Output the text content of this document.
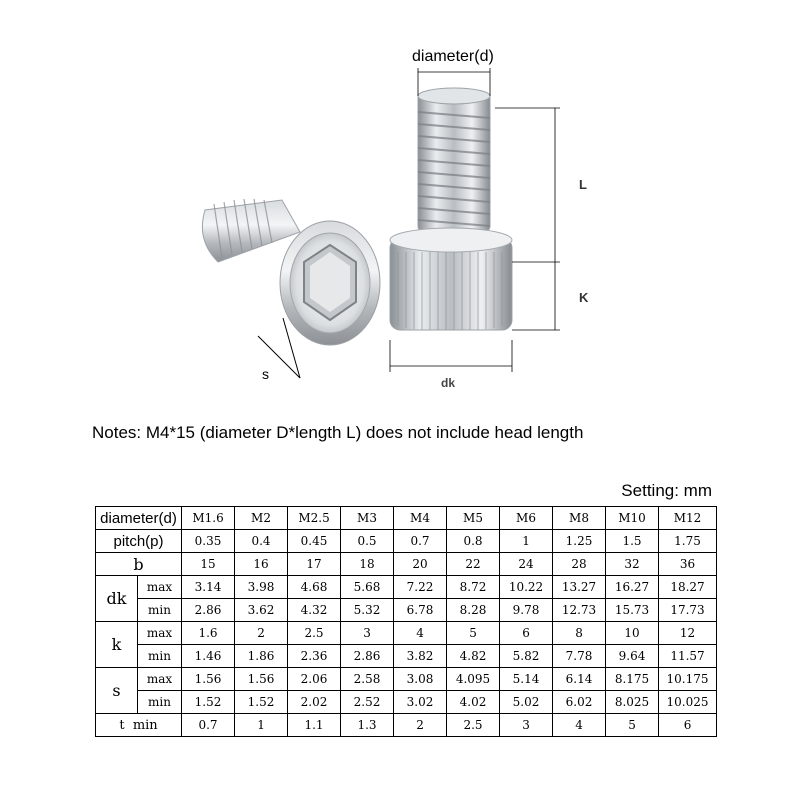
diameter(d)
L
K
dk
s
Notes: M4*15 (diameter D*length L) does not include head length
Setting: mm
diameter(d)		M1.6	M2	M2.5	M3	M4	M5	M6	M8	M10	M12
pitch(p)		0.35	0.4	0.45	0.5	0.7	0.8	1	1.25	1.5	1.75
b		15	16	17	18	20	22	24	28	32	36
dk	max	3.14	3.98	4.68	5.68	7.22	8.72	10.22	13.27	16.27	18.27
	min	2.86	3.62	4.32	5.32	6.78	8.28	9.78	12.73	15.73	17.73
k	max	1.6	2	2.5	3	4	5	6	8	10	12
	min	1.46	1.86	2.36	2.86	3.82	4.82	5.82	7.78	9.64	11.57
s	max	1.56	1.56	2.06	2.58	3.08	4.095	5.14	6.14	8.175	10.175
	min	1.52	1.52	2.02	2.52	3.02	4.02	5.02	6.02	8.025	10.025
t  min		0.7	1	1.1	1.3	2	2.5	3	4	5	6
